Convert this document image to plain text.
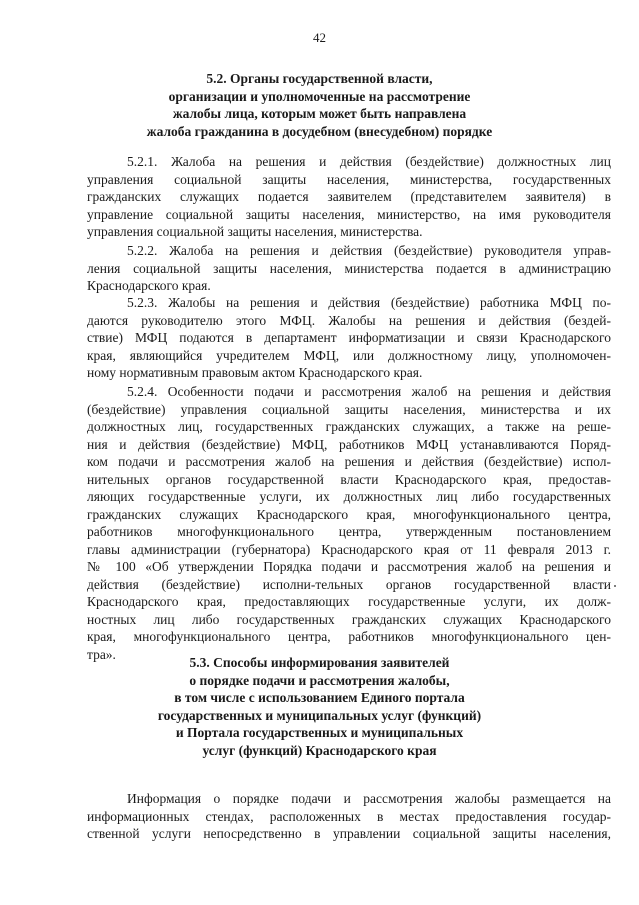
42
5.2. Органы государственной власти,
организации и уполномоченные на рассмотрение
жалобы лица, которым может быть направлена
жалоба гражданина в досудебном (внесудебном) порядке
5.2.1. Жалоба на решения и действия (бездействие) должностных лиц
управления социальной защиты населения, министерства, государственных
гражданских служащих подается заявителем (представителем заявителя) в
управление социальной защиты населения, министерство, на имя руководителя
управления социальной защиты населения, министерства.
5.2.2. Жалоба на решения и действия (бездействие) руководителя управ-
ления социальной защиты населения, министерства подается в администрацию
Краснодарского края.
5.2.3. Жалобы на решения и действия (бездействие) работника МФЦ по-
даются руководителю этого МФЦ. Жалобы на решения и действия (бездей-
ствие) МФЦ подаются в департамент информатизации и связи Краснодарского
края, являющийся учредителем МФЦ, или должностному лицу, уполномочен-
ному нормативным правовым актом Краснодарского края.
5.2.4. Особенности подачи и рассмотрения жалоб на решения и действия
(бездействие) управления социальной защиты населения, министерства и их
должностных лиц, государственных гражданских служащих, а также на реше-
ния и действия (бездействие) МФЦ, работников МФЦ устанавливаются Поряд-
ком подачи и рассмотрения жалоб на решения и действия (бездействие) испол-
нительных органов государственной власти Краснодарского края, предостав-
ляющих государственные услуги, их должностных лиц либо государственных
гражданских служащих Краснодарского края, многофункционального центра,
работников многофункционального центра, утвержденным постановлением
главы администрации (губернатора) Краснодарского края от 11 февраля 2013 г.
№ 100 «Об утверждении Порядка подачи и рассмотрения жалоб на решения и
действия (бездействие) исполни-тельных органов государственной власти
Краснодарского края, предоставляющих государственные услуги, их долж-
ностных лиц либо государственных гражданских служащих Краснодарского
края, многофункционального центра, работников многофункционального цен-
тра».
5.3. Способы информирования заявителей
о порядке подачи и рассмотрения жалобы,
в том числе с использованием Единого портала
государственных и муниципальных услуг (функций)
и Портала государственных и муниципальных
услуг (функций) Краснодарского края
Информация о порядке подачи и рассмотрения жалобы размещается на
информационных стендах, расположенных в местах предоставления государ-
ственной услуги непосредственно в управлении социальной защиты населения,
